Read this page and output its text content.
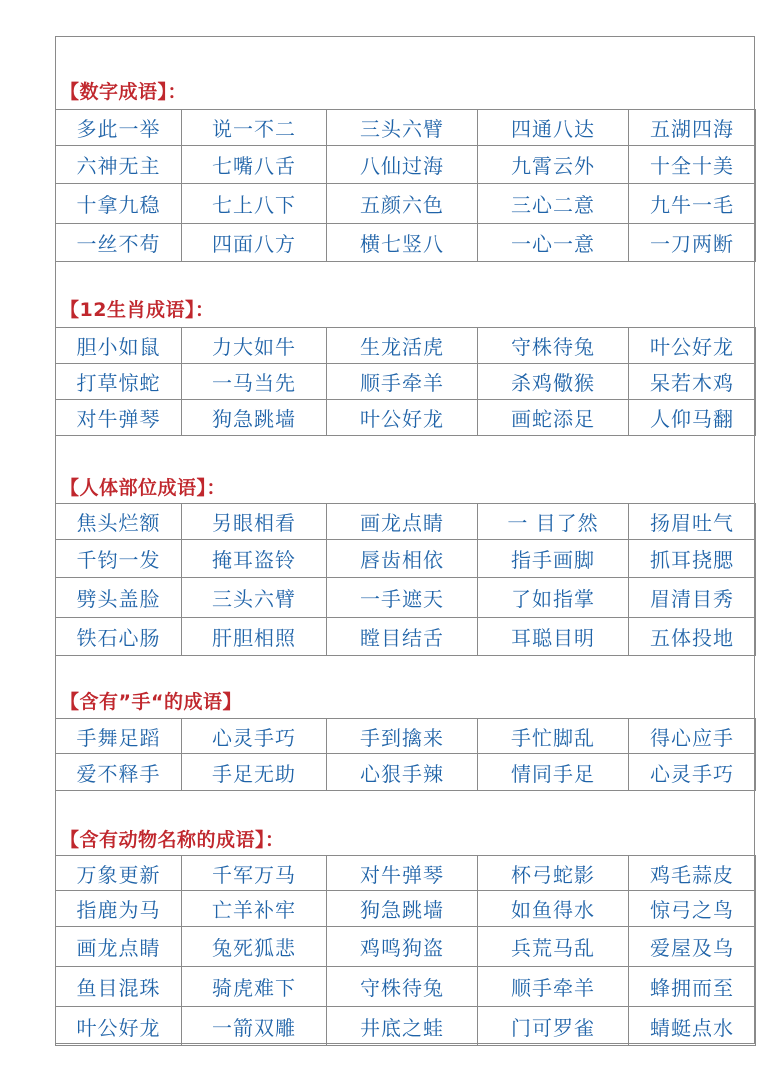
【数字成语】：
多此一举	说一不二	三头六臂	四通八达	五湖四海
六神无主	七嘴八舌	八仙过海	九霄云外	十全十美
十拿九稳	七上八下	五颜六色	三心二意	九牛一毛
一丝不苟	四面八方	横七竖八	一心一意	一刀两断
【12生肖成语】：
胆小如鼠	力大如牛	生龙活虎	守株待兔	叶公好龙
打草惊蛇	一马当先	顺手牵羊	杀鸡儆猴	呆若木鸡
对牛弹琴	狗急跳墙	叶公好龙	画蛇添足	人仰马翻
【人体部位成语】：
焦头烂额	另眼相看	画龙点睛	一 目了然	扬眉吐气
千钧一发	掩耳盗铃	唇齿相依	指手画脚	抓耳挠腮
劈头盖脸	三头六臂	一手遮天	了如指掌	眉清目秀
铁石心肠	肝胆相照	瞠目结舌	耳聪目明	五体投地
【含有”手“的成语】
手舞足蹈	心灵手巧	手到擒来	手忙脚乱	得心应手
爱不释手	手足无助	心狠手辣	情同手足	心灵手巧
【含有动物名称的成语】：
万象更新	千军万马	对牛弹琴	杯弓蛇影	鸡毛蒜皮
指鹿为马	亡羊补牢	狗急跳墙	如鱼得水	惊弓之鸟
画龙点睛	兔死狐悲	鸡鸣狗盗	兵荒马乱	爱屋及乌
鱼目混珠	骑虎难下	守株待兔	顺手牵羊	蜂拥而至
叶公好龙	一箭双雕	井底之蛙	门可罗雀	蜻蜓点水
